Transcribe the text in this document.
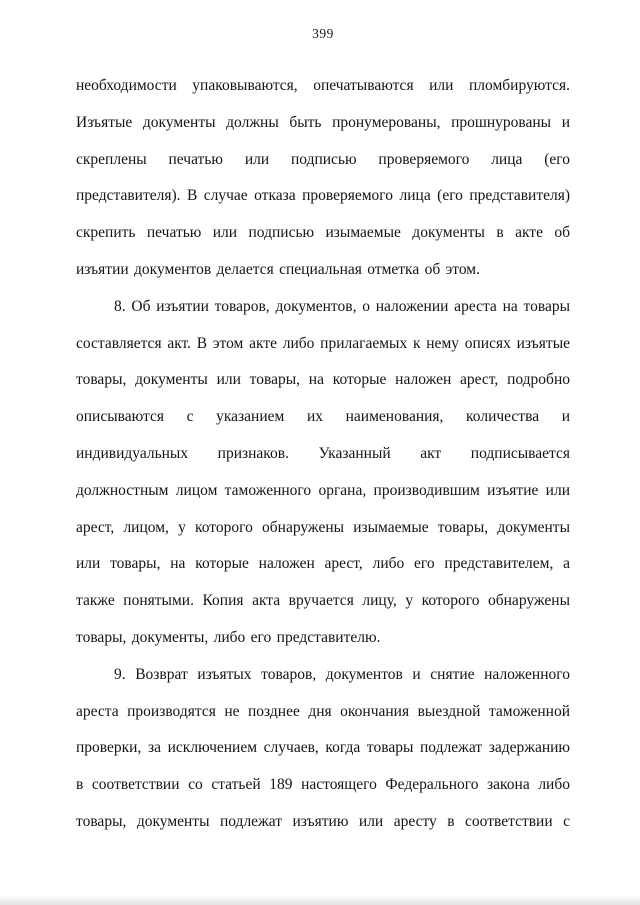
399

необходимости упаковываются, опечатываются или пломбируются. Изъятые документы должны быть пронумерованы, прошнурованы и скреплены печатью или подписью проверяемого лица (его представителя). В случае отказа проверяемого лица (его представителя) скрепить печатью или подписью изымаемые документы в акте об изъятии документов делается специальная отметка об этом.

8. Об изъятии товаров, документов, о наложении ареста на товары составляется акт. В этом акте либо прилагаемых к нему описях изъятые товары, документы или товары, на которые наложен арест, подробно описываются с указанием их наименования, количества и индивидуальных признаков. Указанный акт подписывается должностным лицом таможенного органа, производившим изъятие или арест, лицом, у которого обнаружены изымаемые товары, документы или товары, на которые наложен арест, либо его представителем, а также понятыми. Копия акта вручается лицу, у которого обнаружены товары, документы, либо его представителю.

9. Возврат изъятых товаров, документов и снятие наложенного ареста производятся не позднее дня окончания выездной таможенной проверки, за исключением случаев, когда товары подлежат задержанию в соответствии со статьей 189 настоящего Федерального закона либо товары, документы подлежат изъятию или аресту в соответствии с
